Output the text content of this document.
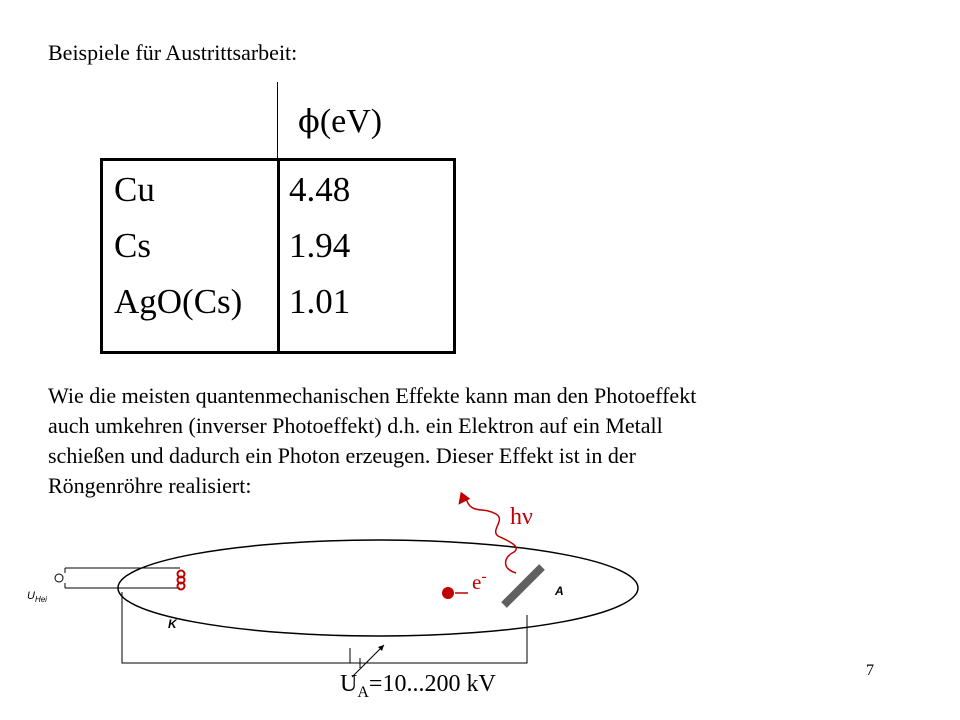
Beispiele für Austrittsarbeit:
ϕ(eV)
Cu	4.48
Cs	1.94
AgO(Cs) 1.01
Wie die meisten quantenmechanischen Effekte kann man den Photoeffekt
auch umkehren (inverser Photoeffekt) d.h. ein Elektron auf ein Metall
schießen und dadurch ein Photon erzeugen. Dieser Effekt ist in der
Röngenröhre realisiert:
hν
e-
A
K
$U_{Hei}$
$U_A=10...200$ kV
7
